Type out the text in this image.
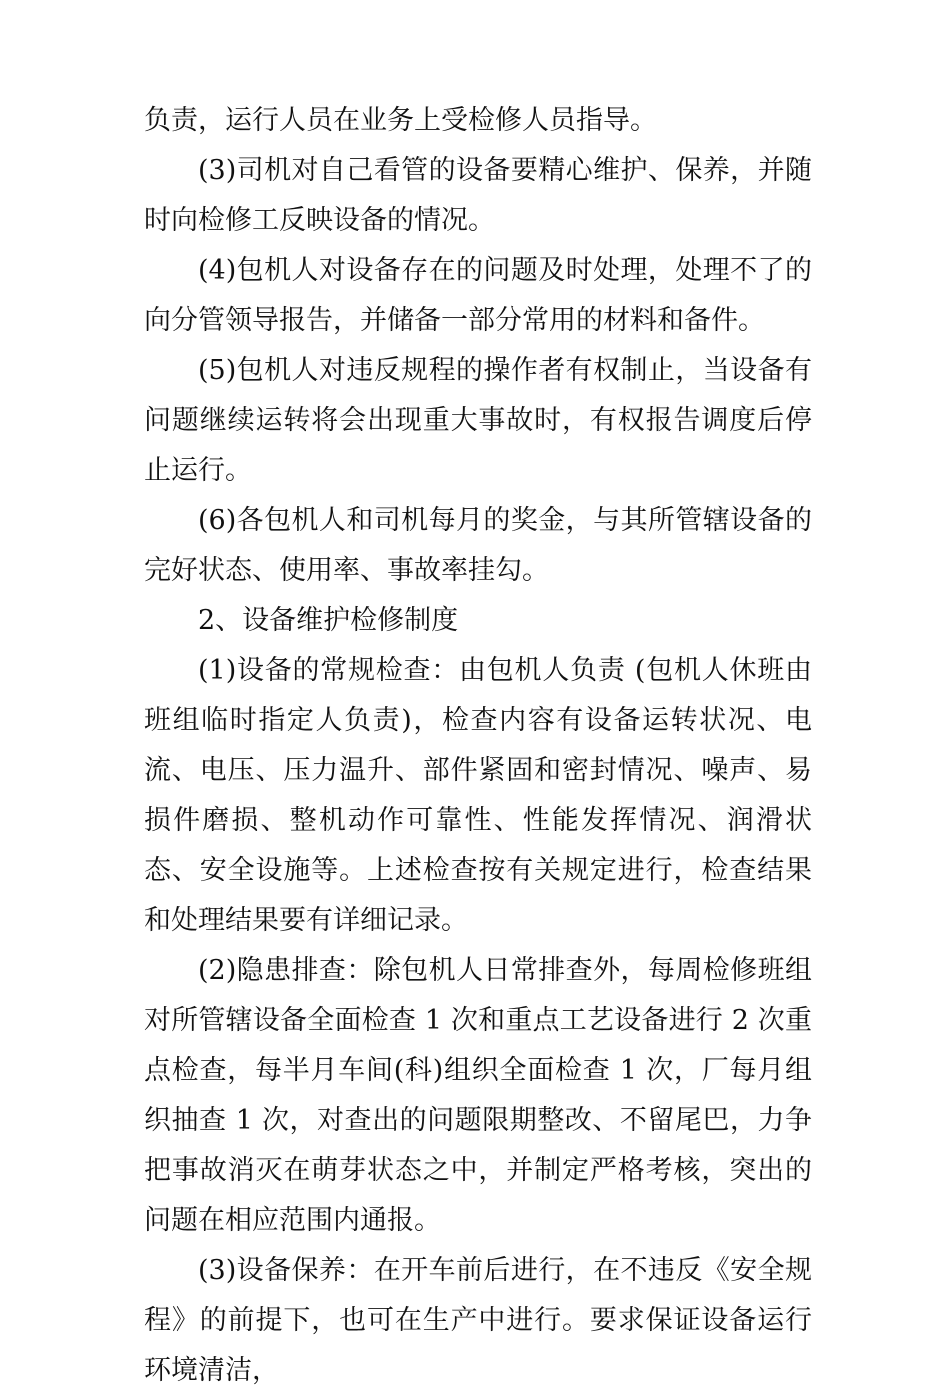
负责，运行人员在业务上受检修人员指导。

(3)司机对自己看管的设备要精心维护、保养，并随时向检修工反映设备的情况。

(4)包机人对设备存在的问题及时处理，处理不了的向分管领导报告，并储备一部分常用的材料和备件。

(5)包机人对违反规程的操作者有权制止，当设备有问题继续运转将会出现重大事故时，有权报告调度后停止运行。

(6)各包机人和司机每月的奖金，与其所管辖设备的完好状态、使用率、事故率挂勾。

2、设备维护检修制度

(1)设备的常规检查：由包机人负责 (包机人休班由班组临时指定人负责)，检查内容有设备运转状况、电流、电压、压力温升、部件紧固和密封情况、噪声、易损件磨损、整机动作可靠性、性能发挥情况、润滑状态、安全设施等。上述检查按有关规定进行，检查结果和处理结果要有详细记录。

(2)隐患排查：除包机人日常排查外，每周检修班组对所管辖设备全面检查 1 次和重点工艺设备进行 2 次重点检查，每半月车间(科)组织全面检查 1 次，厂每月组织抽查 1 次，对查出的问题限期整改、不留尾巴，力争把事故消灭在萌芽状态之中，并制定严格考核，突出的问题在相应范围内通报。

(3)设备保养：在开车前后进行，在不违反《安全规程》的前提下，也可在生产中进行。要求保证设备运行环境清洁，
